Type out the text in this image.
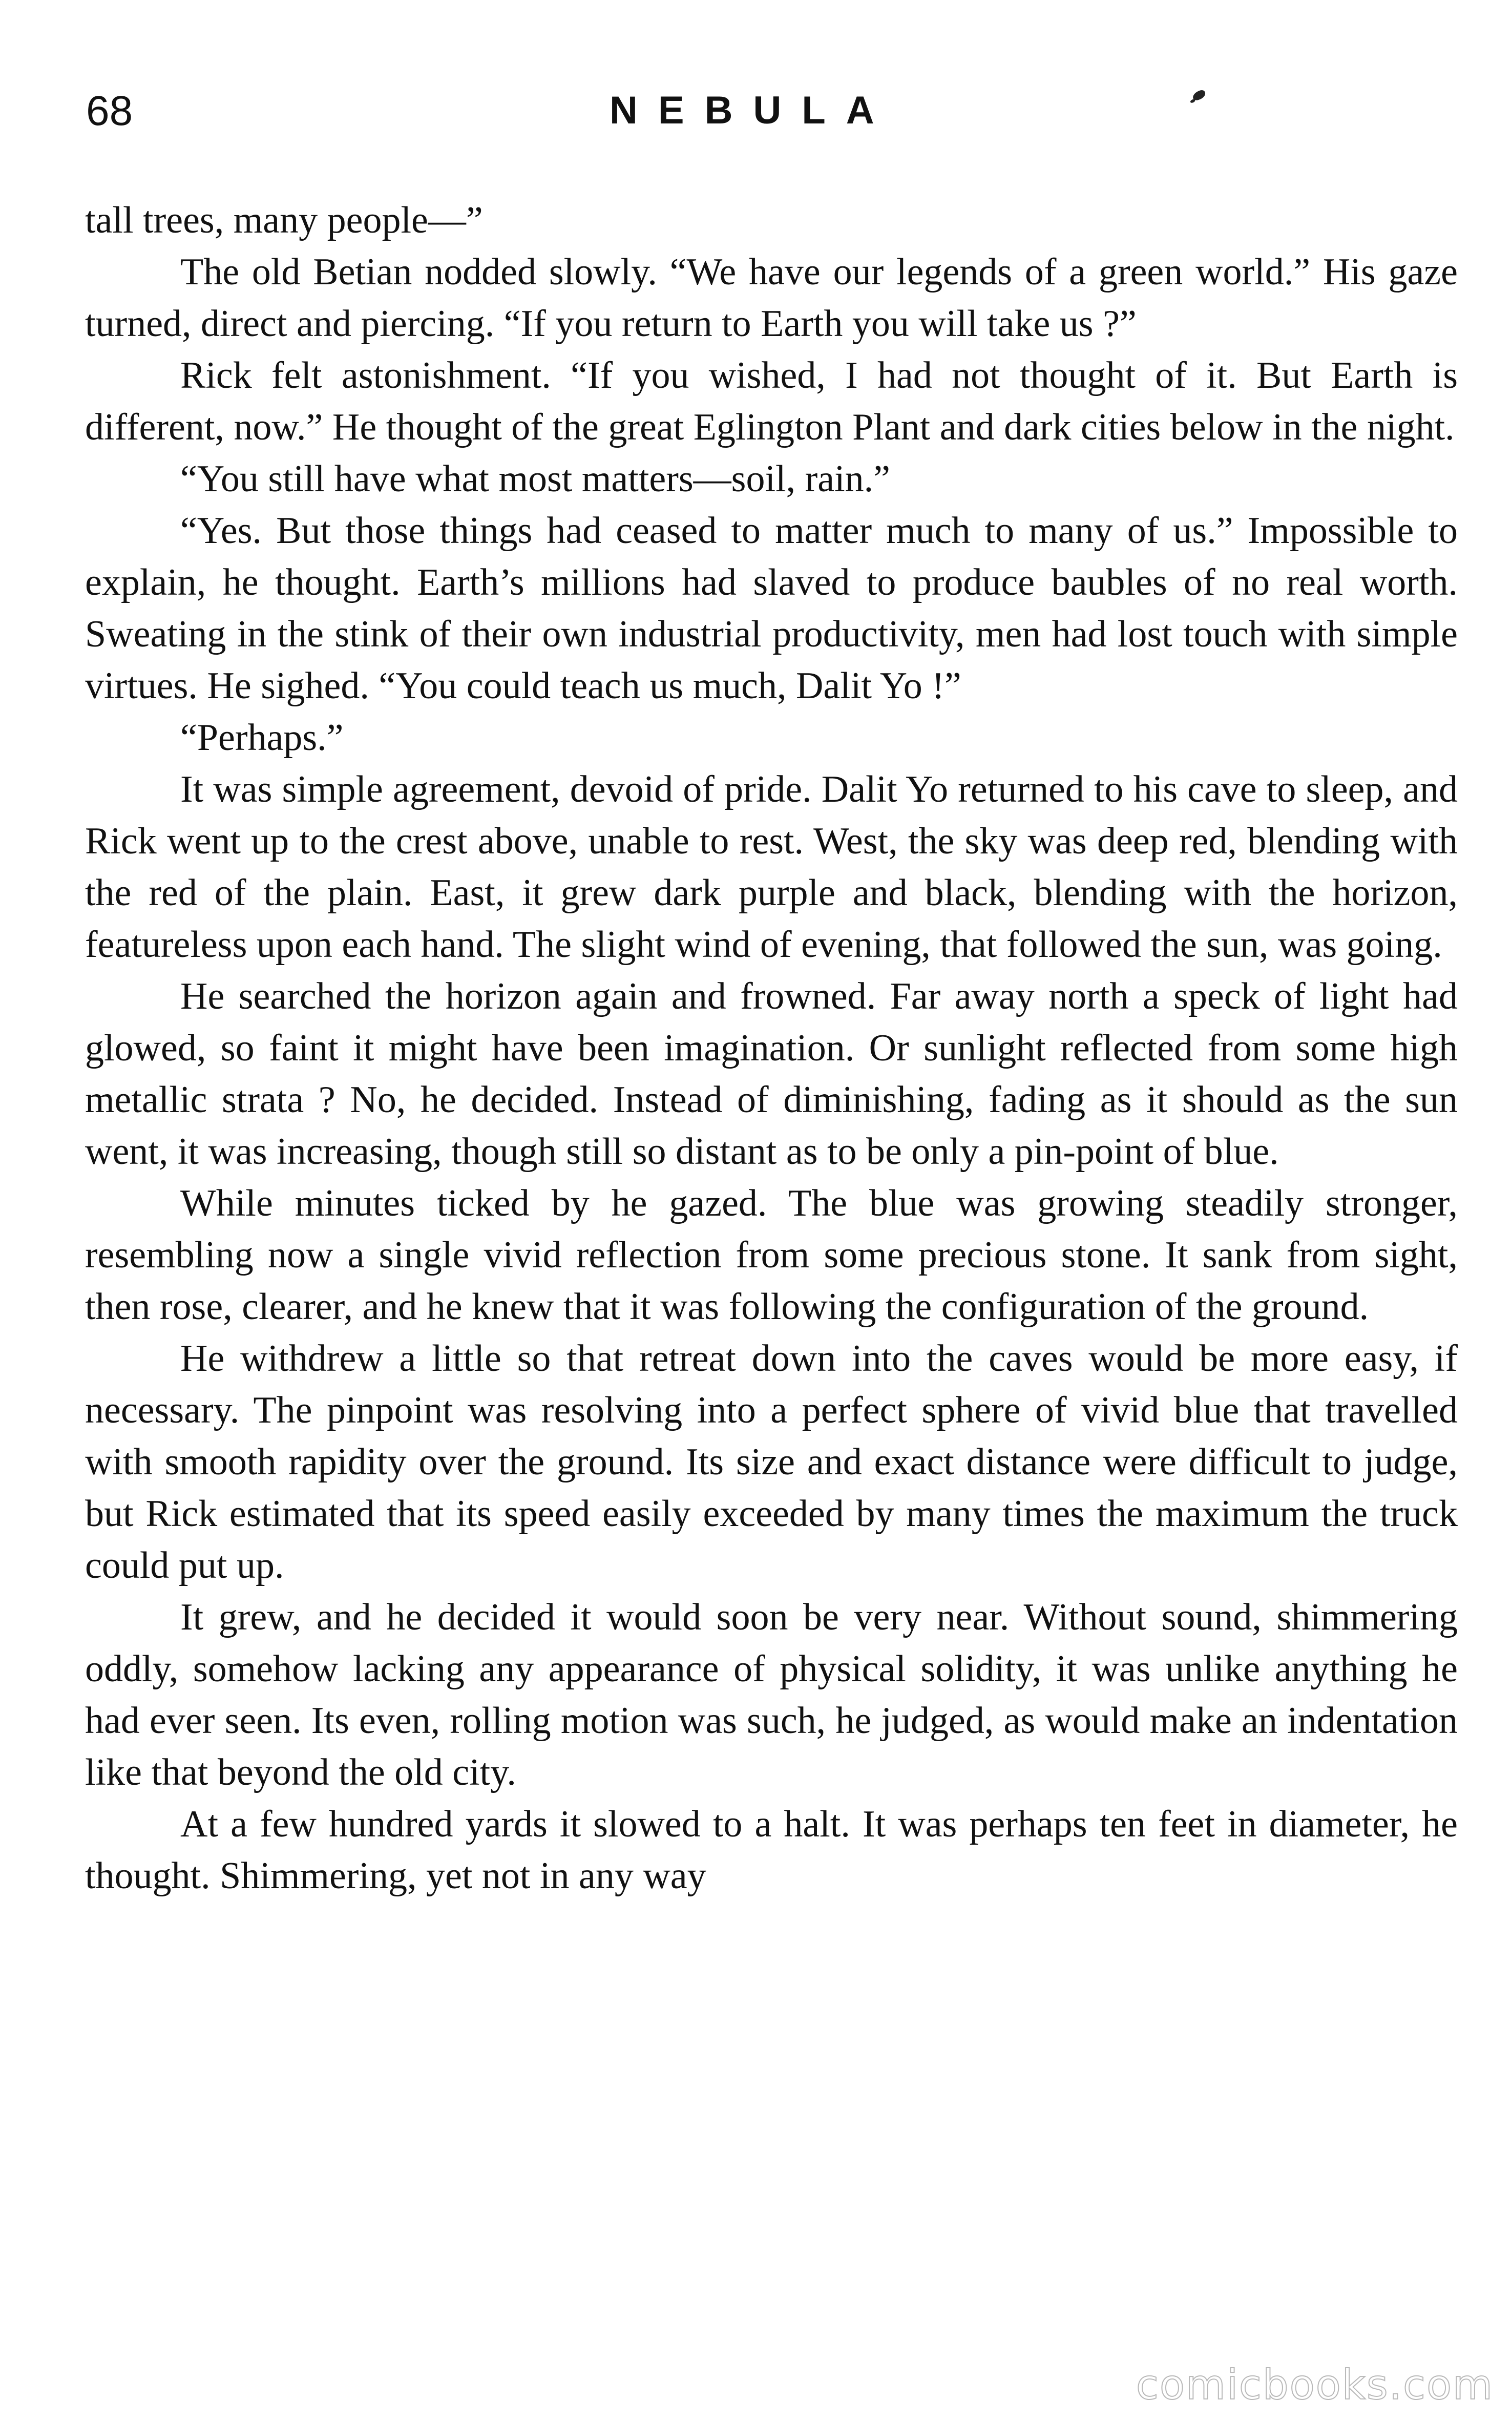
68	NEBULA

tall trees, many people—”

The old Betian nodded slowly. “We have our legends of a green world.” His gaze turned, direct and piercing. “If you return to Earth you will take us ?”

Rick felt astonishment. “If you wished, I had not thought of it. But Earth is different, now.” He thought of the great Eglington Plant and dark cities below in the night.

“You still have what most matters—soil, rain.”

“Yes. But those things had ceased to matter much to many of us.” Impossible to explain, he thought. Earth’s millions had slaved to produce baubles of no real worth. Sweating in the stink of their own industrial productivity, men had lost touch with simple virtues. He sighed. “You could teach us much, Dalit Yo !”

“Perhaps.”

It was simple agreement, devoid of pride. Dalit Yo returned to his cave to sleep, and Rick went up to the crest above, unable to rest. West, the sky was deep red, blending with the red of the plain. East, it grew dark purple and black, blending with the horizon, featureless upon each hand. The slight wind of evening, that followed the sun, was going.

He searched the horizon again and frowned. Far away north a speck of light had glowed, so faint it might have been imagination. Or sunlight reflected from some high metallic strata ? No, he decided. Instead of diminishing, fading as it should as the sun went, it was increasing, though still so distant as to be only a pin-point of blue.

While minutes ticked by he gazed. The blue was growing steadily stronger, resembling now a single vivid reflection from some precious stone. It sank from sight, then rose, clearer, and he knew that it was following the configuration of the ground.

He withdrew a little so that retreat down into the caves would be more easy, if necessary. The pinpoint was resolving into a perfect sphere of vivid blue that travelled with smooth rapidity over the ground. Its size and exact distance were difficult to judge, but Rick estimated that its speed easily exceeded by many times the maximum the truck could put up.

It grew, and he decided it would soon be very near. Without sound, shimmering oddly, somehow lacking any appearance of physical solidity, it was unlike anything he had ever seen. Its even, rolling motion was such, he judged, as would make an indentation like that beyond the old city.

At a few hundred yards it slowed to a halt. It was perhaps ten feet in diameter, he thought. Shimmering, yet not in any way

comicbooks.com
